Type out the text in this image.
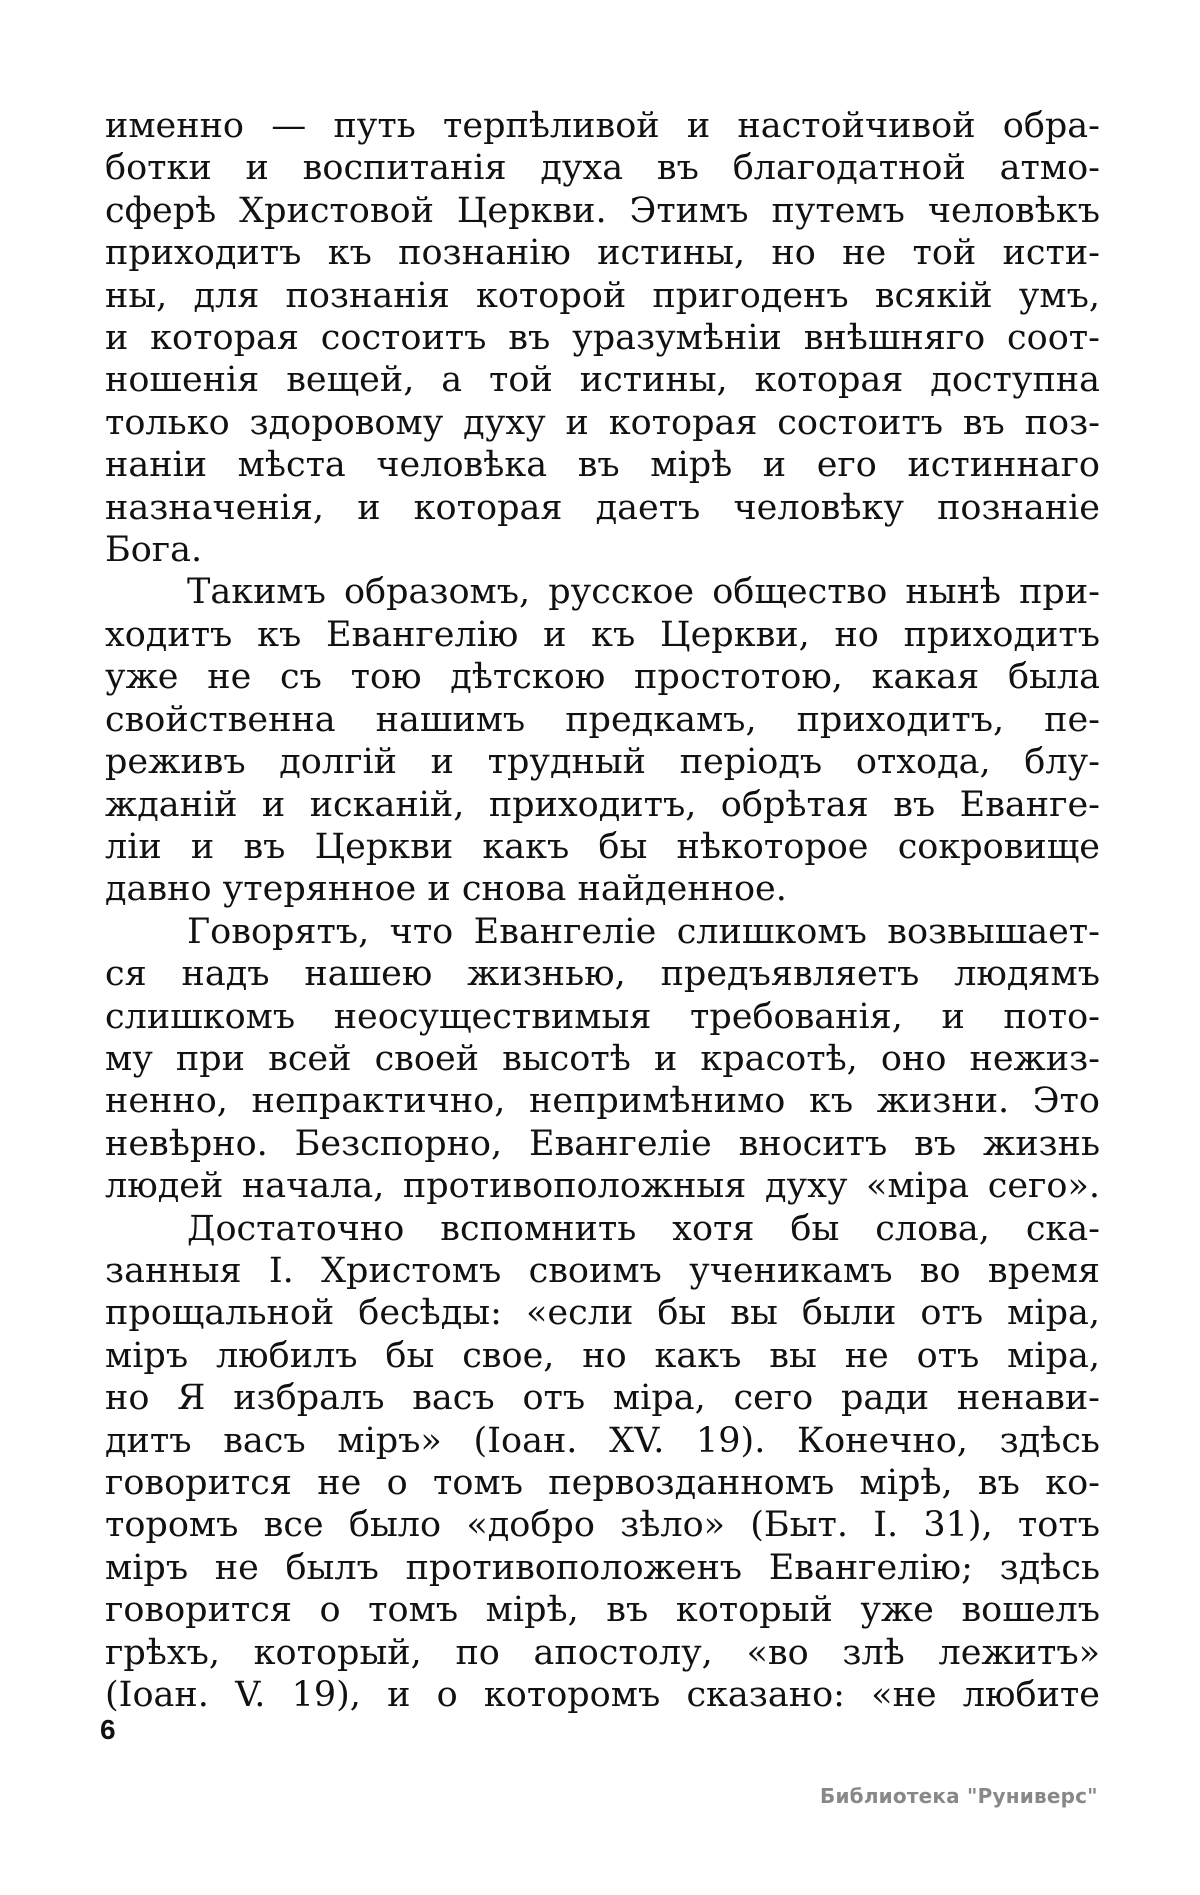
именно — путь терпѣливой и настойчивой обра-
ботки и воспитанія духа въ благодатной атмо-
сферѣ Христовой Церкви. Этимъ путемъ человѣкъ
приходитъ къ познанію истины, но не той исти-
ны, для познанія которой пригоденъ всякій умъ,
и которая состоитъ въ уразумѣніи внѣшняго соот-
ношенія вещей, а той истины, которая доступна
только здоровому духу и которая состоитъ въ поз-
наніи мѣста человѣка въ мірѣ и его истиннаго
назначенія, и которая даетъ человѣку познаніе
Бога.

Такимъ образомъ, русское общество нынѣ при-
ходитъ къ Евангелію и къ Церкви, но приходитъ
уже не съ тою дѣтскою простотою, какая была
свойственна нашимъ предкамъ, приходитъ, пе-
реживъ долгій и трудный періодъ отхода, блу-
жданій и исканій, приходитъ, обрѣтая въ Еванге-
ліи и въ Церкви какъ бы нѣкоторое сокровище
давно утерянное и снова найденное.

Говорятъ, что Евангеліе слишкомъ возвышает-
ся надъ нашею жизнью, предъявляетъ людямъ
слишкомъ неосуществимыя требованія, и пото-
му при всей своей высотѣ и красотѣ, оно нежиз-
ненно, непрактично, непримѣнимо къ жизни. Это
невѣрно. Безспорно, Евангеліе вноситъ въ жизнь
людей начала, противоположныя духу «міра сего».

Достаточно вспомнить хотя бы слова, ска-
занныя І. Христомъ своимъ ученикамъ во время
прощальной бесѣды: «если бы вы были отъ міра,
міръ любилъ бы свое, но какъ вы не отъ міра,
но Я избралъ васъ отъ міра, сего ради ненави-
дитъ васъ міръ» (Іоан. XV. 19). Конечно, здѣсь
говорится не о томъ первозданномъ мірѣ, въ ко-
торомъ все было «добро зѣло» (Быт. І. 31), тотъ
міръ не былъ противоположенъ Евангелію; здѣсь
говорится о томъ мірѣ, въ который уже вошелъ
грѣхъ, который, по апостолу, «во злѣ лежитъ»
(Іоан. V. 19), и о которомъ сказано: «не любите

6
Библиотека "Руниверс"
